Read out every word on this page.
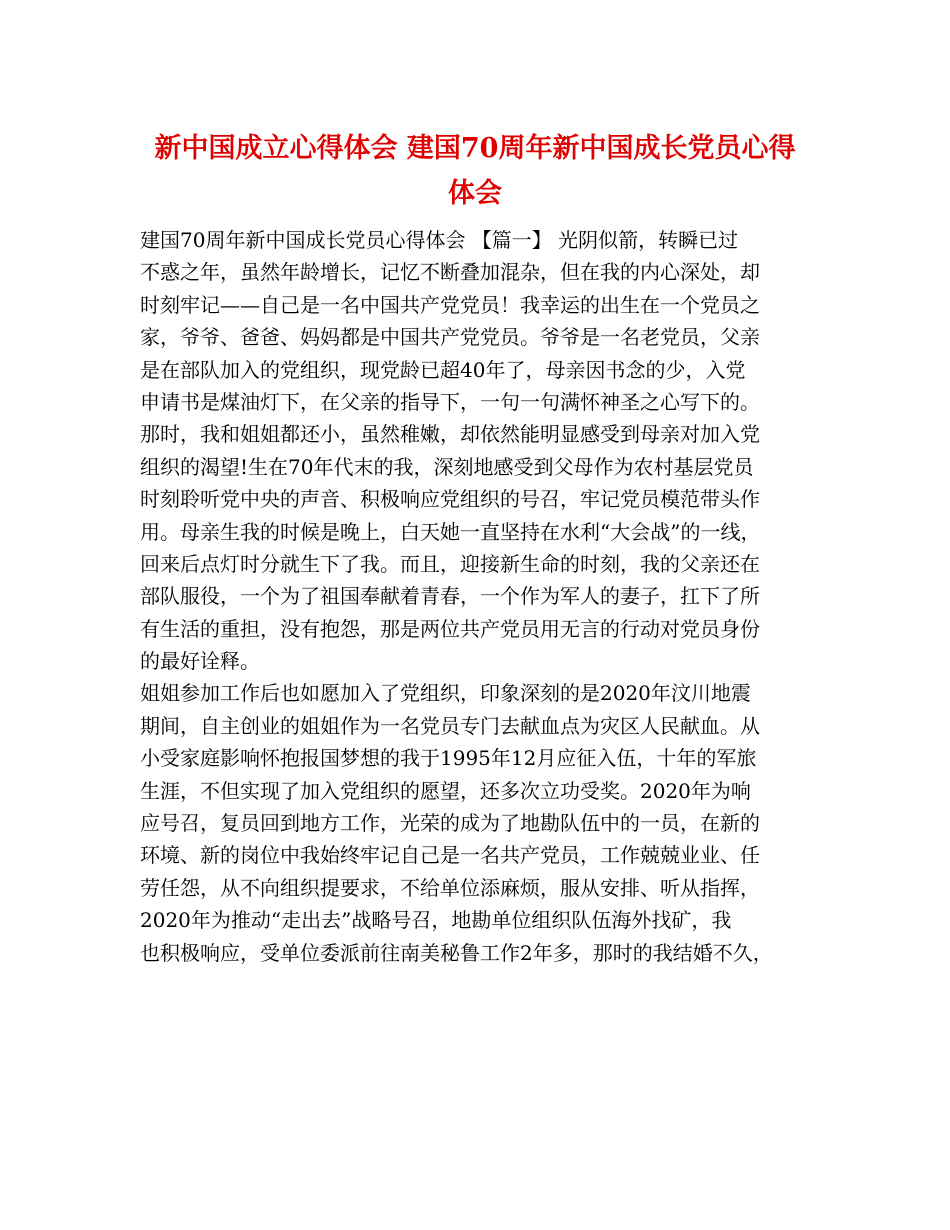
新中国成立心得体会 建国70周年新中国成长党员心得
体会
建国70周年新中国成长党员心得体会 【篇一】 光阴似箭，转瞬已过
不惑之年，虽然年龄增长，记忆不断叠加混杂，但在我的内心深处，却
时刻牢记——自己是一名中国共产党党员！我幸运的出生在一个党员之
家，爷爷、爸爸、妈妈都是中国共产党党员。爷爷是一名老党员，父亲
是在部队加入的党组织，现党龄已超40年了，母亲因书念的少，入党
申请书是煤油灯下，在父亲的指导下，一句一句满怀神圣之心写下的。
那时，我和姐姐都还小，虽然稚嫩，却依然能明显感受到母亲对加入党
组织的渴望!生在70年代末的我，深刻地感受到父母作为农村基层党员
时刻聆听党中央的声音、积极响应党组织的号召，牢记党员模范带头作
用。母亲生我的时候是晚上，白天她一直坚持在水利“大会战”的一线，
回来后点灯时分就生下了我。而且，迎接新生命的时刻，我的父亲还在
部队服役，一个为了祖国奉献着青春，一个作为军人的妻子，扛下了所
有生活的重担，没有抱怨，那是两位共产党员用无言的行动对党员身份
的最好诠释。
姐姐参加工作后也如愿加入了党组织，印象深刻的是2020年汶川地震
期间，自主创业的姐姐作为一名党员专门去献血点为灾区人民献血。从
小受家庭影响怀抱报国梦想的我于1995年12月应征入伍，十年的军旅
生涯，不但实现了加入党组织的愿望，还多次立功受奖。2020年为响
应号召，复员回到地方工作，光荣的成为了地勘队伍中的一员，在新的
环境、新的岗位中我始终牢记自己是一名共产党员，工作兢兢业业、任
劳任怨，从不向组织提要求，不给单位添麻烦，服从安排、听从指挥，
2020年为推动“走出去”战略号召，地勘单位组织队伍海外找矿，我
也积极响应，受单位委派前往南美秘鲁工作2年多，那时的我结婚不久，
